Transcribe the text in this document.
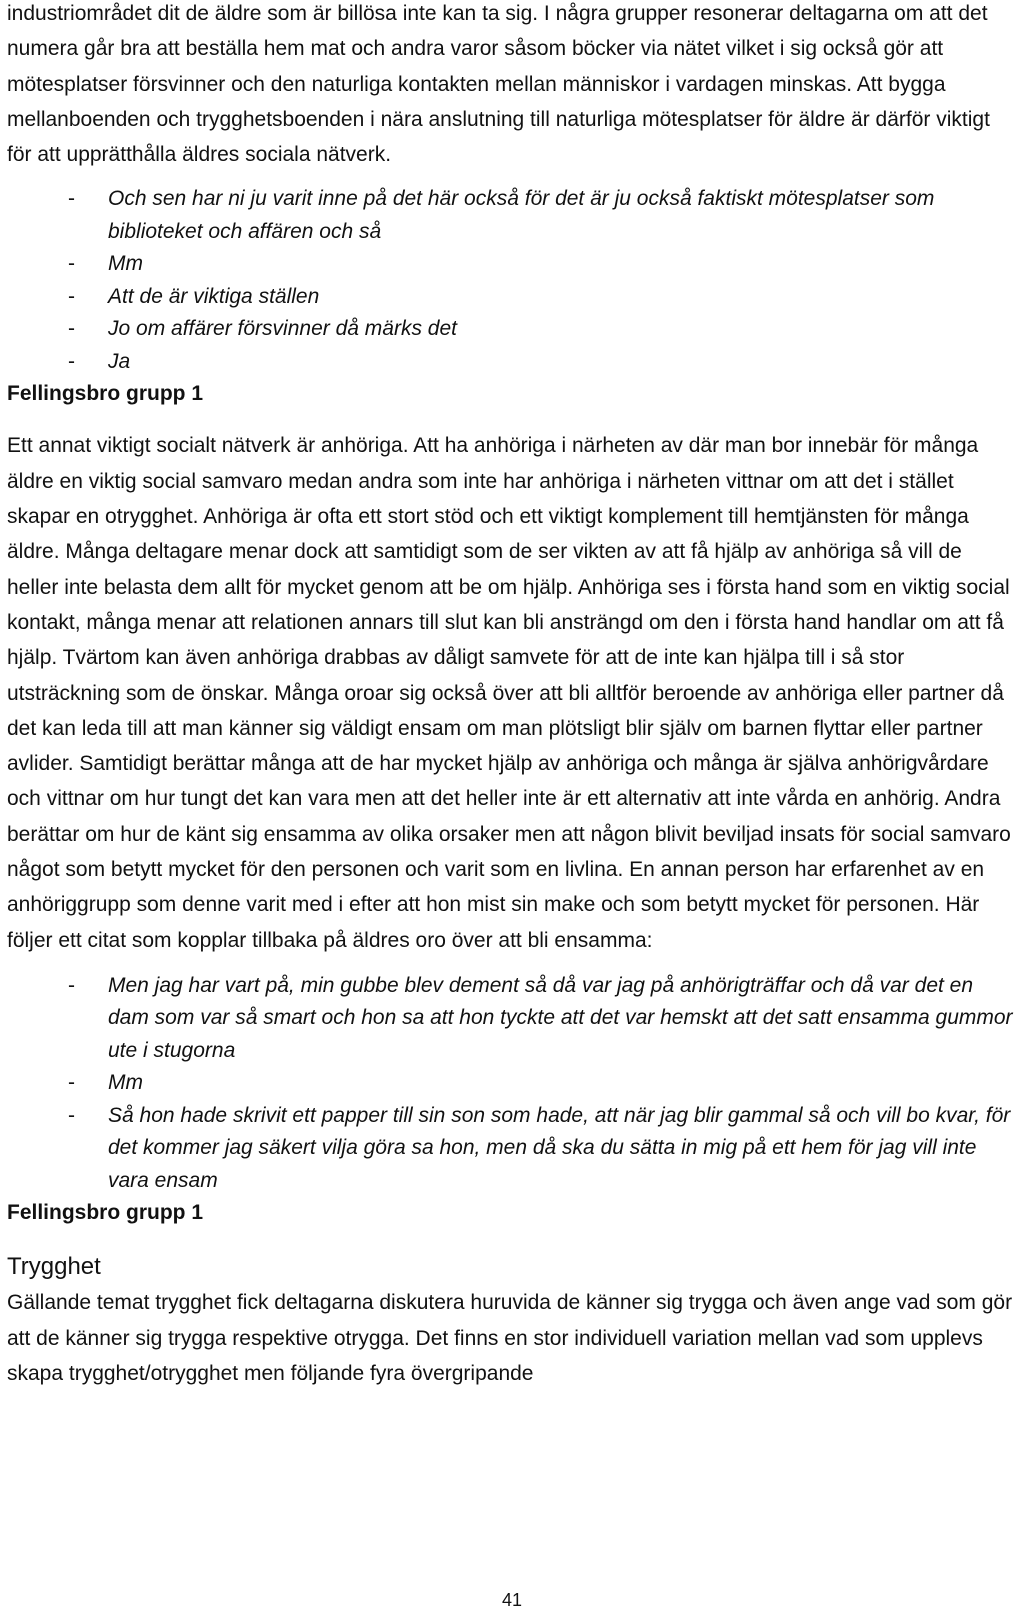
industriområdet dit de äldre som är billösa inte kan ta sig. I några grupper resonerar deltagarna om att det numera går bra att beställa hem mat och andra varor såsom böcker via nätet vilket i sig också gör att mötesplatser försvinner och den naturliga kontakten mellan människor i vardagen minskas. Att bygga mellanboenden och trygghetsboenden i nära anslutning till naturliga mötesplatser för äldre är därför viktigt för att upprätthålla äldres sociala nätverk.

- Och sen har ni ju varit inne på det här också för det är ju också faktiskt mötesplatser som biblioteket och affären och så
- Mm
- Att de är viktiga ställen
- Jo om affärer försvinner då märks det
- Ja
Fellingsbro grupp 1

Ett annat viktigt socialt nätverk är anhöriga. Att ha anhöriga i närheten av där man bor innebär för många äldre en viktig social samvaro medan andra som inte har anhöriga i närheten vittnar om att det i stället skapar en otrygghet. Anhöriga är ofta ett stort stöd och ett viktigt komplement till hemtjänsten för många äldre. Många deltagare menar dock att samtidigt som de ser vikten av att få hjälp av anhöriga så vill de heller inte belasta dem allt för mycket genom att be om hjälp. Anhöriga ses i första hand som en viktig social kontakt, många menar att relationen annars till slut kan bli ansträngd om den i första hand handlar om att få hjälp. Tvärtom kan även anhöriga drabbas av dåligt samvete för att de inte kan hjälpa till i så stor utsträckning som de önskar. Många oroar sig också över att bli alltför beroende av anhöriga eller partner då det kan leda till att man känner sig väldigt ensam om man plötsligt blir själv om barnen flyttar eller partner avlider. Samtidigt berättar många att de har mycket hjälp av anhöriga och många är själva anhörigvårdare och vittnar om hur tungt det kan vara men att det heller inte är ett alternativ att inte vårda en anhörig. Andra berättar om hur de känt sig ensamma av olika orsaker men att någon blivit beviljad insats för social samvaro något som betytt mycket för den personen och varit som en livlina. En annan person har erfarenhet av en anhöriggrupp som denne varit med i efter att hon mist sin make och som betytt mycket för personen. Här följer ett citat som kopplar tillbaka på äldres oro över att bli ensamma:

- Men jag har vart på, min gubbe blev dement så då var jag på anhörigträffar och då var det en dam som var så smart och hon sa att hon tyckte att det var hemskt att det satt ensamma gummor ute i stugorna
- Mm
- Så hon hade skrivit ett papper till sin son som hade, att när jag blir gammal så och vill bo kvar, för det kommer jag säkert vilja göra sa hon, men då ska du sätta in mig på ett hem för jag vill inte vara ensam
Fellingsbro grupp 1
Trygghet

Gällande temat trygghet fick deltagarna diskutera huruvida de känner sig trygga och även ange vad som gör att de känner sig trygga respektive otrygga. Det finns en stor individuell variation mellan vad som upplevs skapa trygghet/otrygghet men följande fyra övergripande

41
